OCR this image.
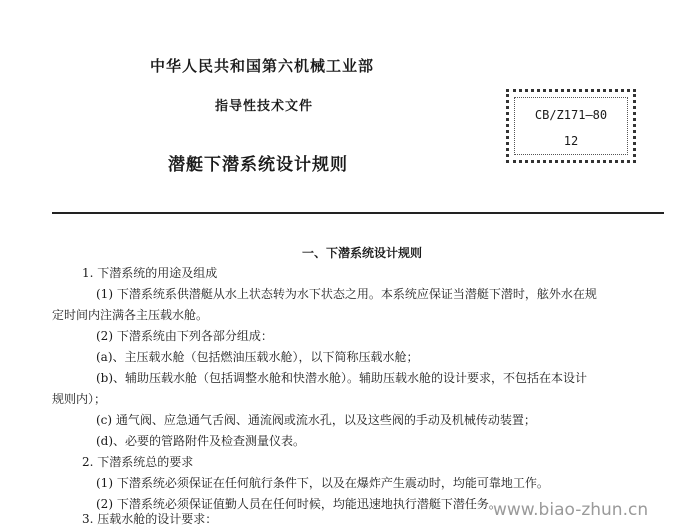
中华人民共和国第六机械工业部
指导性技术文件
潜艇下潜系统设计规则
CB/Z171—80
12
一、下潜系统设计规则
1. 下潜系统的用途及组成
(1) 下潜系统系供潜艇从水上状态转为水下状态之用。本系统应保证当潜艇下潜时，舷外水在规
定时间内注满各主压载水舱。
(2) 下潜系统由下列各部分组成：
(a)、主压载水舱（包括燃油压载水舱），以下简称压载水舱；
(b)、辅助压载水舱（包括调整水舱和快潜水舱）。辅助压载水舱的设计要求，不包括在本设计
规则内）；
(c) 通气阀、应急通气舌阀、通流阀或流水孔，以及这些阀的手动及机械传动装置；
(d)、必要的管路附件及检查测量仪表。
2. 下潜系统总的要求
(1) 下潜系统必须保证在任何航行条件下，以及在爆炸产生震动时，均能可靠地工作。
(2) 下潜系统必须保证值勤人员在任何时候，均能迅速地执行潜艇下潜任务。
3. 压载水舱的设计要求：	www.biao-zhun.cn
